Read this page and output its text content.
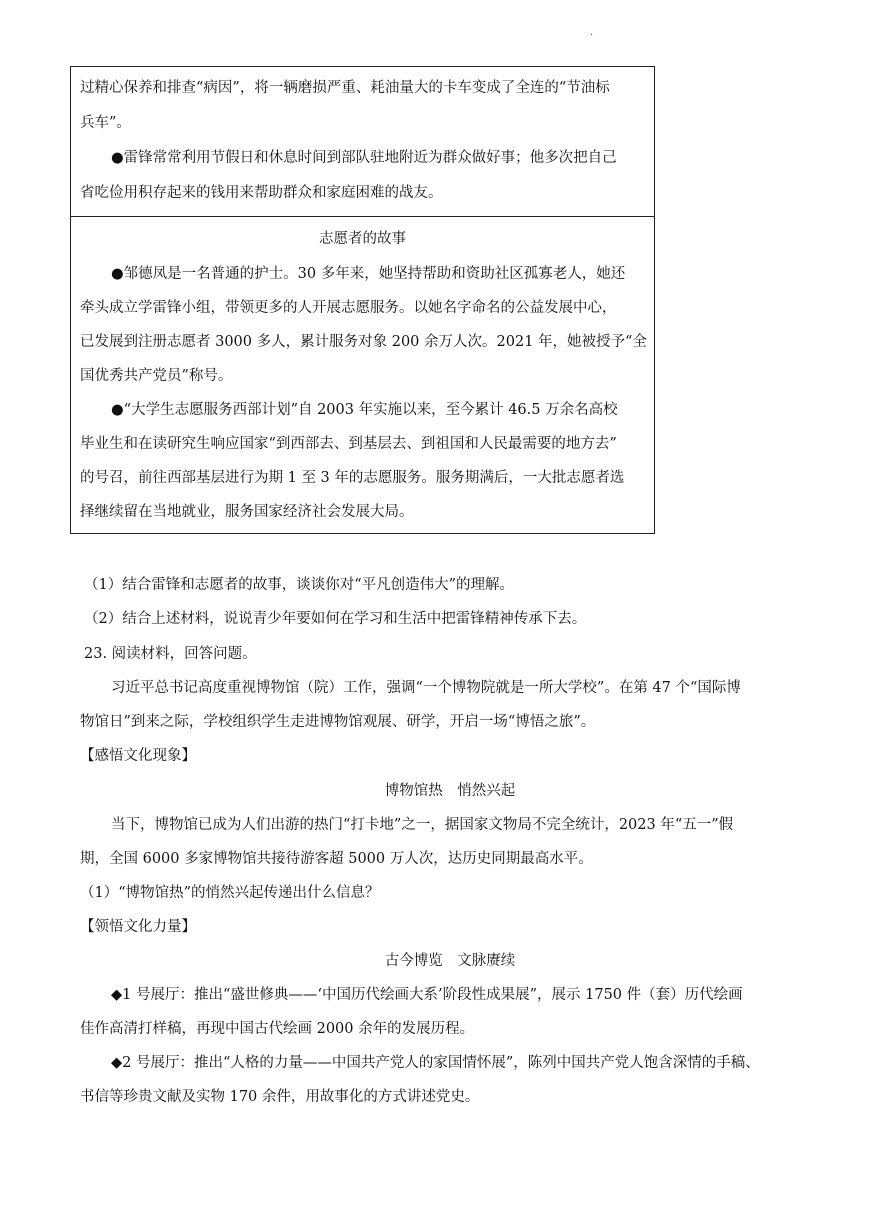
·
过精心保养和排查“病因”，将一辆磨损严重、耗油量大的卡车变成了全连的“节油标
兵车”。
●雷锋常常利用节假日和休息时间到部队驻地附近为群众做好事；他多次把自己
省吃俭用积存起来的钱用来帮助群众和家庭困难的战友。
志愿者的故事
●邹德凤是一名普通的护士。30 多年来，她坚持帮助和资助社区孤寡老人，她还
牵头成立学雷锋小组，带领更多的人开展志愿服务。以她名字命名的公益发展中心，
已发展到注册志愿者 3000 多人，累计服务对象 200 余万人次。2021 年，她被授予“全
国优秀共产党员”称号。
●“大学生志愿服务西部计划”自 2003 年实施以来，至今累计 46.5 万余名高校
毕业生和在读研究生响应国家“到西部去、到基层去、到祖国和人民最需要的地方去”
的号召，前往西部基层进行为期 1 至 3 年的志愿服务。服务期满后，一大批志愿者选
择继续留在当地就业，服务国家经济社会发展大局。
（1）结合雷锋和志愿者的故事，谈谈你对“平凡创造伟大”的理解。
（2）结合上述材料，说说青少年要如何在学习和生活中把雷锋精神传承下去。
23. 阅读材料，回答问题。
习近平总书记高度重视博物馆（院）工作，强调“一个博物院就是一所大学校”。在第 47 个“国际博
物馆日”到来之际，学校组织学生走进博物馆观展、研学，开启一场“博悟之旅”。
【感悟文化现象】
博物馆热　悄然兴起
当下，博物馆已成为人们出游的热门“打卡地”之一，据国家文物局不完全统计，2023 年“五一”假
期，全国 6000 多家博物馆共接待游客超 5000 万人次，达历史同期最高水平。
（1）“博物馆热”的悄然兴起传递出什么信息？
【领悟文化力量】
古今博览　文脉赓续
◆1 号展厅：推出“盛世修典——‘中国历代绘画大系’阶段性成果展”，展示 1750 件（套）历代绘画
佳作高清打样稿，再现中国古代绘画 2000 余年的发展历程。
◆2 号展厅：推出“人格的力量——中国共产党人的家国情怀展”，陈列中国共产党人饱含深情的手稿、
书信等珍贵文献及实物 170 余件，用故事化的方式讲述党史。
